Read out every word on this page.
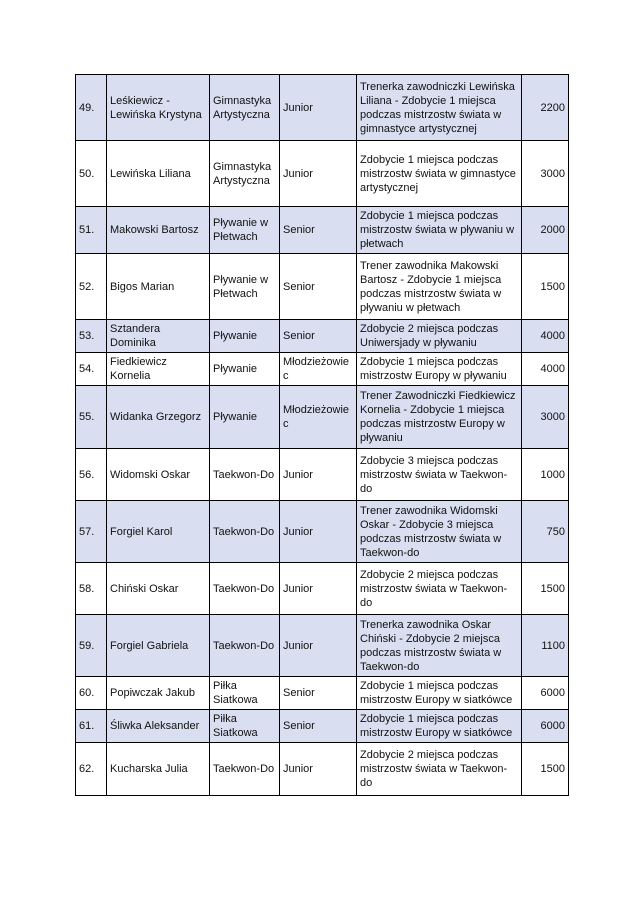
49.	Leśkiewicz - Lewińska Krystyna	Gimnastyka Artystyczna	Junior	Trenerka zawodniczki Lewińska Liliana - Zdobycie 1 miejsca podczas mistrzostw świata w gimnastyce artystycznej	2200
50.	Lewińska Liliana	Gimnastyka Artystyczna	Junior	Zdobycie 1 miejsca podczas mistrzostw świata w gimnastyce artystycznej	3000
51.	Makowski Bartosz	Pływanie w Płetwach	Senior	Zdobycie 1 miejsca podczas mistrzostw świata w pływaniu w płetwach	2000
52.	Bigos Marian	Pływanie w Płetwach	Senior	Trener zawodnika Makowski Bartosz - Zdobycie 1 miejsca podczas mistrzostw świata w pływaniu w płetwach	1500
53.	Sztandera Dominika	Pływanie	Senior	Zdobycie 2 miejsca podczas Uniwersjady w pływaniu	4000
54.	Fiedkiewicz Kornelia	Pływanie	Młodzieżowiec	Zdobycie 1 miejsca podczas mistrzostw Europy w pływaniu	4000
55.	Widanka Grzegorz	Pływanie	Młodzieżowiec	Trener Zawodniczki Fiedkiewicz Kornelia - Zdobycie 1 miejsca podczas mistrzostw Europy w pływaniu	3000
56.	Widomski Oskar	Taekwon-Do	Junior	Zdobycie 3 miejsca podczas mistrzostw świata w Taekwon-do	1000
57.	Forgiel Karol	Taekwon-Do	Junior	Trener zawodnika Widomski Oskar - Zdobycie 3 miejsca podczas mistrzostw świata w Taekwon-do	750
58.	Chiński Oskar	Taekwon-Do	Junior	Zdobycie 2 miejsca podczas mistrzostw świata w Taekwon-do	1500
59.	Forgiel Gabriela	Taekwon-Do	Junior	Trenerka zawodnika Oskar Chiński - Zdobycie 2 miejsca podczas mistrzostw świata w Taekwon-do	1100
60.	Popiwczak Jakub	Piłka Siatkowa	Senior	Zdobycie 1 miejsca podczas mistrzostw Europy w siatkówce	6000
61.	Śliwka Aleksander	Piłka Siatkowa	Senior	Zdobycie 1 miejsca podczas mistrzostw Europy w siatkówce	6000
62.	Kucharska Julia	Taekwon-Do	Junior	Zdobycie 2 miejsca podczas mistrzostw świata w Taekwon-do	1500
